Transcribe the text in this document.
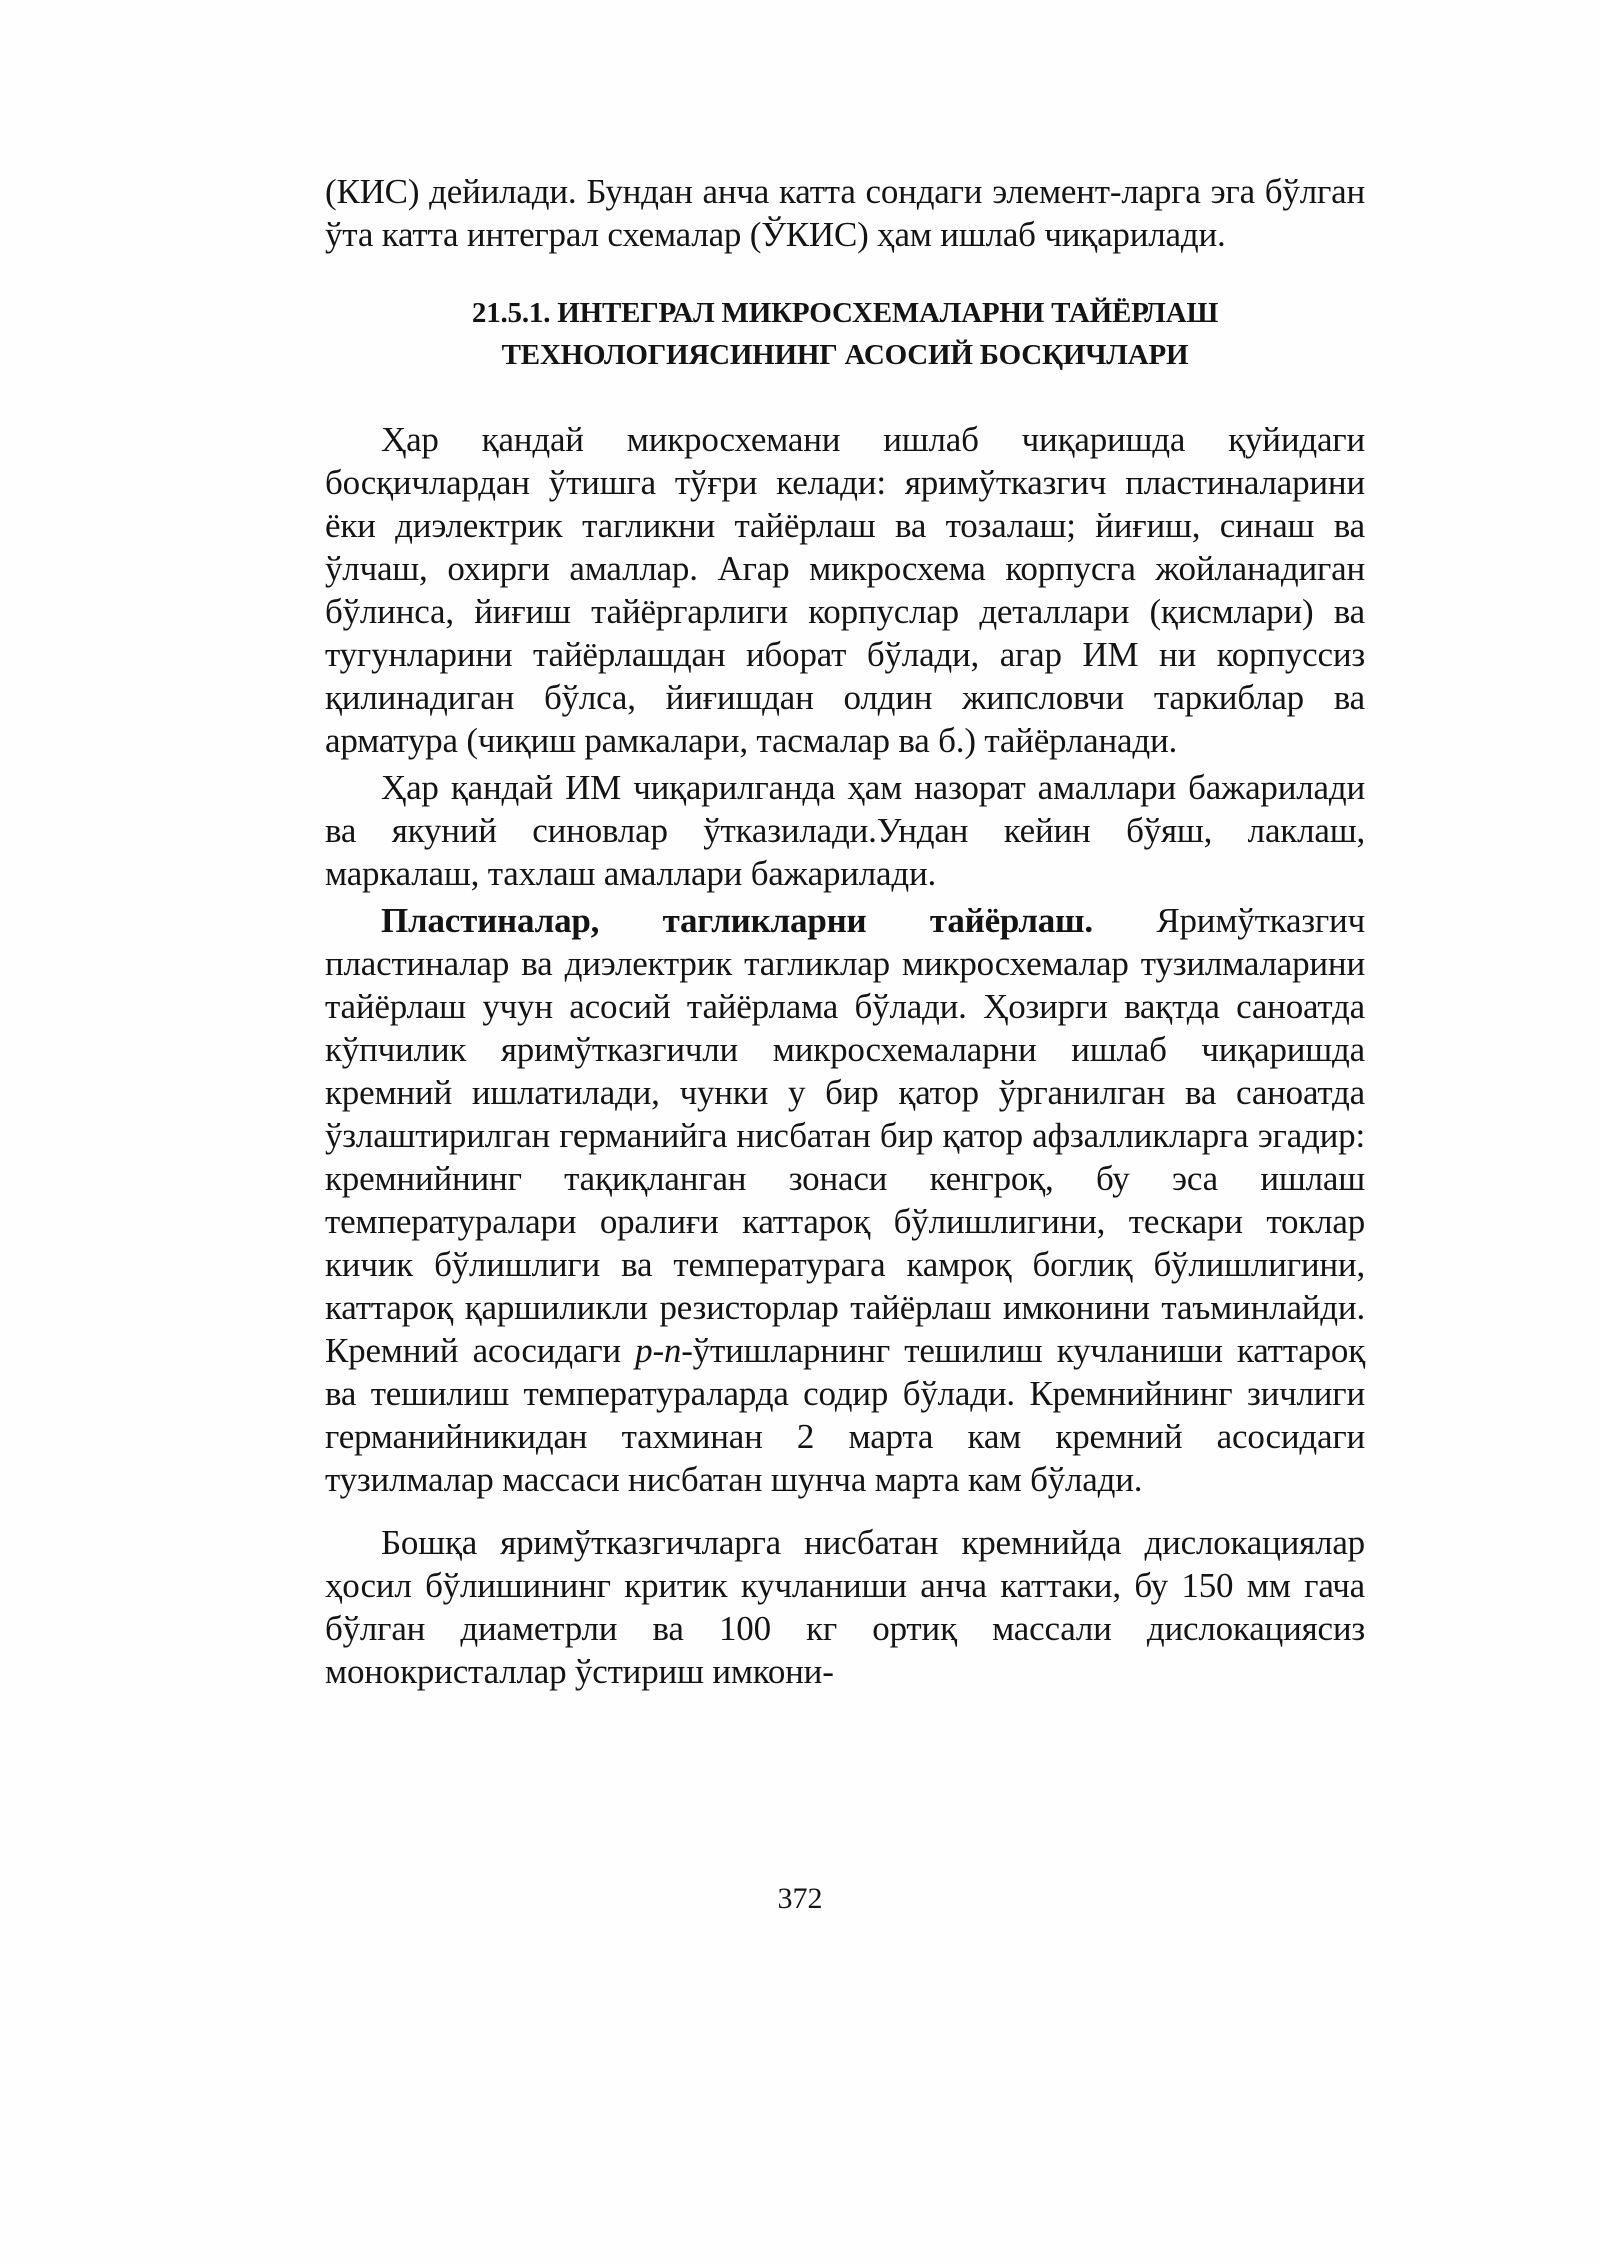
(КИС) дейилади. Бундан анча катта сондаги элемент-ларга эга бўлган ўта катта интеграл схемалар (ЎКИС) ҳам ишлаб чиқарилади.

21.5.1. ИНТЕГРАЛ МИКРОСХЕМАЛАРНИ ТАЙЁРЛАШ
ТЕХНОЛОГИЯСИНИНГ АСОСИЙ БОСҚИЧЛАРИ

Ҳар қандай микросхемани ишлаб чиқаришда қуйидаги босқичлардан ўтишга тўғри келади: яримўтказгич пластиналарини ёки диэлектрик тагликни тайёрлаш ва тозалаш; йиғиш, синаш ва ўлчаш, охирги амаллар. Агар микросхема корпусга жойланадиган бўлинса, йиғиш тайёргарлиги корпуслар деталлари (қисмлари) ва тугунларини тайёрлашдан иборат бўлади, агар ИМ ни корпуссиз қилинадиган бўлса, йиғишдан олдин жипсловчи таркиблар ва арматура (чиқиш рамкалари, тасмалар ва б.) тайёрланади.

Ҳар қандай ИМ чиқарилганда ҳам назорат амаллари бажарилади ва якуний синовлар ўтказилади.Ундан кейин бўяш, лаклаш, маркалаш, тахлаш амаллари бажарилади.

Пластиналар, тагликларни тайёрлаш. Яримўтказгич пластиналар ва диэлектрик тагликлар микросхемалар тузилмаларини тайёрлаш учун асосий тайёрлама бўлади. Ҳозирги вақтда саноатда кўпчилик яримўтказгичли микросхемаларни ишлаб чиқаришда кремний ишлатилади, чунки у бир қатор ўрганилган ва саноатда ўзлаштирилган германийга нисбатан бир қатор афзалликларга эгадир: кремнийнинг тақиқланган зонаси кенгроқ, бу эса ишлаш температуралари оралиғи каттароқ бўлишлигини, тескари токлар кичик бўлишлиги ва температурага камроқ боглиқ бўлишлигини, каттароқ қаршиликли резисторлар тайёрлаш имконини таъминлайди. Кремний асосидаги p-n-ўтишларнинг тешилиш кучланиши каттароқ ва тешилиш температураларда содир бўлади. Кремнийнинг зичлиги германийникидан тахминан 2 марта кам кремний асосидаги тузилмалар массаси нисбатан шунча марта кам бўлади.

Бошқа яримўтказгичларга нисбатан кремнийда дислокациялар ҳосил бўлишининг критик кучланиши анча каттаки, бу 150 мм гача бўлган диаметрли ва 100 кг ортиқ массали дислокациясиз монокристаллар ўстириш имкони-

372
